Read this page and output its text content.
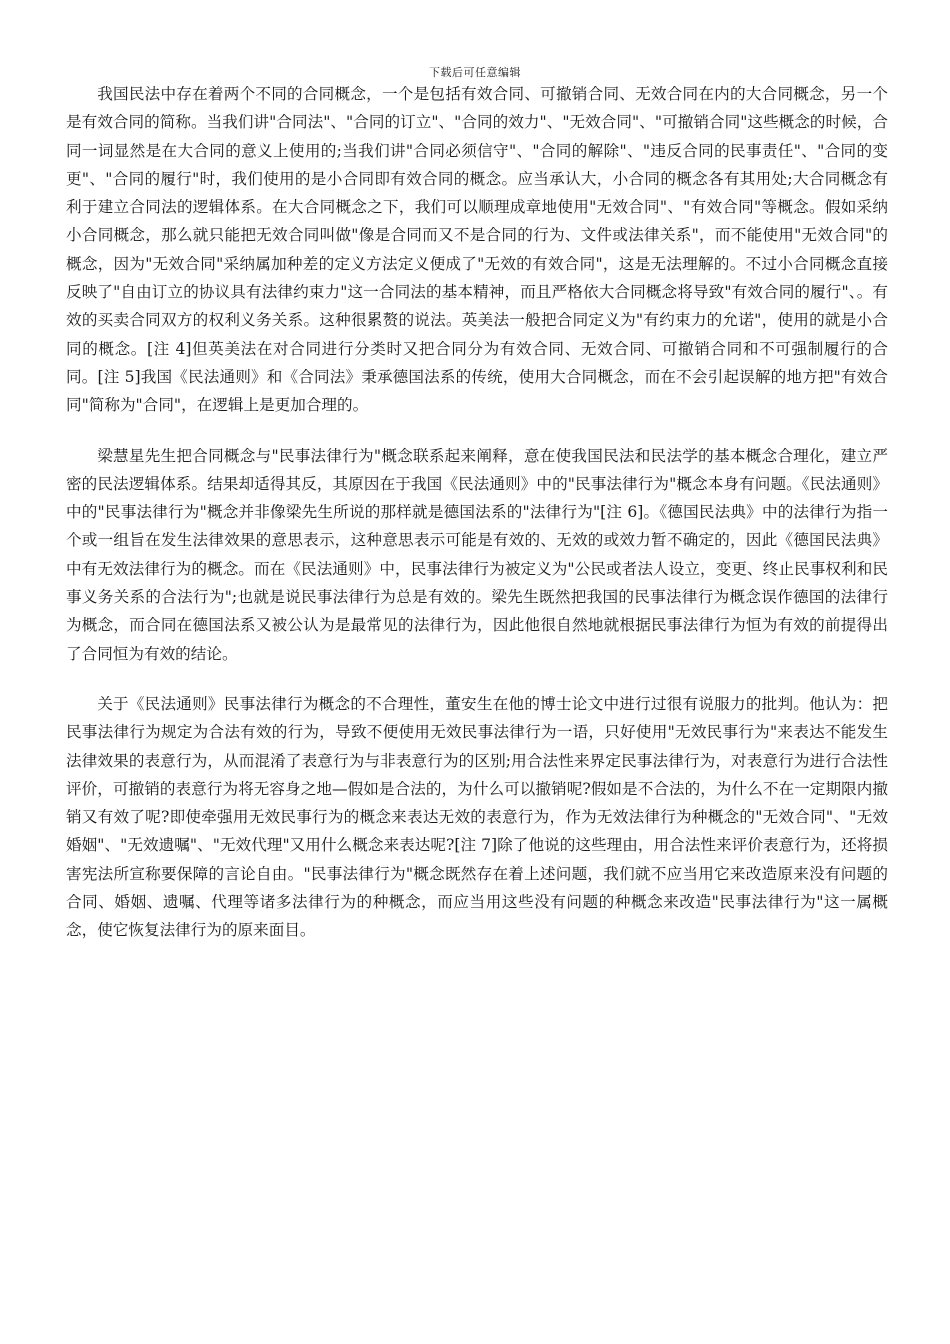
下载后可任意编辑

我国民法中存在着两个不同的合同概念，一个是包括有效合同、可撤销合同、无效合同在内的大合同概念，另一个是有效合同的简称。当我们讲"合同法"、"合同的订立"、"合同的效力"、"无效合同"、"可撤销合同"这些概念的时候，合同一词显然是在大合同的意义上使用的;当我们讲"合同必须信守"、"合同的解除"、"违反合同的民事责任"、"合同的变更"、"合同的履行"时，我们使用的是小合同即有效合同的概念。应当承认大，小合同的概念各有其用处;大合同概念有利于建立合同法的逻辑体系。在大合同概念之下，我们可以顺理成章地使用"无效合同"、"有效合同"等概念。假如采纳小合同概念，那么就只能把无效合同叫做"像是合同而又不是合同的行为、文件或法律关系"，而不能使用"无效合同"的概念，因为"无效合同"采纳属加种差的定义方法定义便成了"无效的有效合同"，这是无法理解的。不过小合同概念直接反映了"自由订立的协议具有法律约束力"这一合同法的基本精神，而且严格依大合同概念将导致"有效合同的履行"、。有效的买卖合同双方的权利义务关系。这种很累赘的说法。英美法一般把合同定义为"有约束力的允诺"，使用的就是小合同的概念。[注 4]但英美法在对合同进行分类时又把合同分为有效合同、无效合同、可撤销合同和不可强制履行的合同。[注 5]我国《民法通则》和《合同法》秉承德国法系的传统，使用大合同概念，而在不会引起误解的地方把"有效合同"简称为"合同"，在逻辑上是更加合理的。

梁慧星先生把合同概念与"民事法律行为"概念联系起来阐释，意在使我国民法和民法学的基本概念合理化，建立严密的民法逻辑体系。结果却适得其反，其原因在于我国《民法通则》中的"民事法律行为"概念本身有问题。《民法通则》中的"民事法律行为"概念并非像梁先生所说的那样就是德国法系的"法律行为"[注 6]。《德国民法典》中的法律行为指一个或一组旨在发生法律效果的意思表示，这种意思表示可能是有效的、无效的或效力暂不确定的，因此《德国民法典》中有无效法律行为的概念。而在《民法通则》中，民事法律行为被定义为"公民或者法人设立，变更、终止民事权利和民事义务关系的合法行为";也就是说民事法律行为总是有效的。梁先生既然把我国的民事法律行为概念误作德国的法律行为概念，而合同在德国法系又被公认为是最常见的法律行为，因此他很自然地就根据民事法律行为恒为有效的前提得出了合同恒为有效的结论。

关于《民法通则》民事法律行为概念的不合理性，董安生在他的博士论文中进行过很有说服力的批判。他认为：把民事法律行为规定为合法有效的行为，导致不便使用无效民事法律行为一语，只好使用"无效民事行为"来表达不能发生法律效果的表意行为，从而混淆了表意行为与非表意行为的区别;用合法性来界定民事法律行为，对表意行为进行合法性评价，可撤销的表意行为将无容身之地—假如是合法的，为什么可以撤销呢?假如是不合法的，为什么不在一定期限内撤销又有效了呢?即使牵强用无效民事行为的概念来表达无效的表意行为，作为无效法律行为种概念的"无效合同"、"无效婚姻"、"无效遗嘱"、"无效代理"又用什么概念来表达呢?[注 7]除了他说的这些理由，用合法性来评价表意行为，还将损害宪法所宣称要保障的言论自由。"民事法律行为"概念既然存在着上述问题，我们就不应当用它来改造原来没有问题的合同、婚姻、遗嘱、代理等诸多法律行为的种概念，而应当用这些没有问题的种概念来改造"民事法律行为"这一属概念，使它恢复法律行为的原来面目。
